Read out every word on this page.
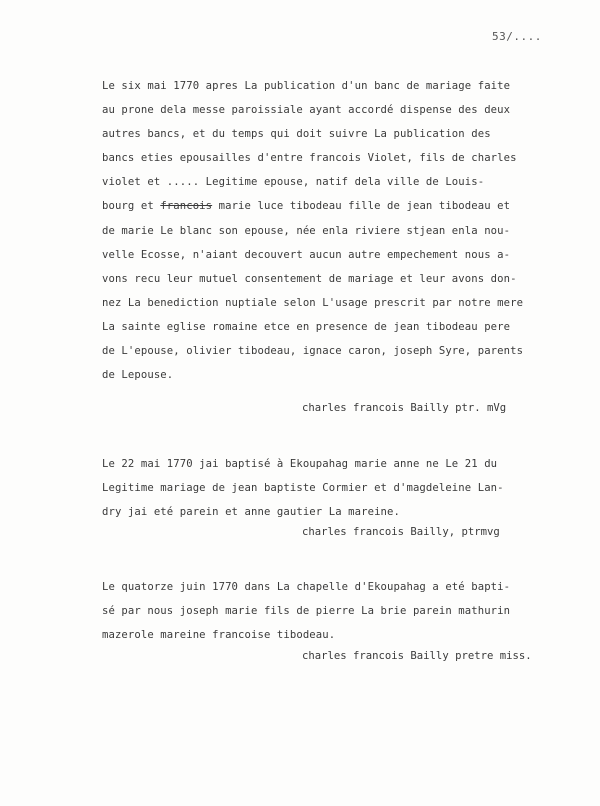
53/....
Le six mai 1770 apres La publication d'un banc de mariage faite
au prone dela messe paroissiale ayant accordé dispense des deux
autres bancs, et du temps qui doit suivre La publication des
bancs eties epousailles d'entre francois Violet, fils de charles
violet et ..... Legitime epouse, natif dela ville de Louis-
bourg et francois marie luce tibodeau fille de jean tibodeau et
de marie Le blanc son epouse, née enla riviere stjean enla nou-
velle Ecosse, n'aiant decouvert aucun autre empechement nous a-
vons recu leur mutuel consentement de mariage et leur avons don-
nez La benediction nuptiale selon L'usage prescrit par notre mere
La sainte eglise romaine etce en presence de jean tibodeau pere
de L'epouse, olivier tibodeau, ignace caron, joseph Syre, parents
de Lepouse.
charles francois Bailly ptr. mVg
Le 22 mai 1770 jai baptisé à Ekoupahag marie anne ne Le 21 du
Legitime mariage de jean baptiste Cormier et d'magdeleine Lan-
dry jai eté parein et anne gautier La mareine.
charles francois Bailly, ptrmvg
Le quatorze juin 1770 dans La chapelle d'Ekoupahag a eté bapti-
sé par nous joseph marie fils de pierre La brie parein mathurin
mazerole mareine francoise tibodeau.
charles francois Bailly pretre miss.
